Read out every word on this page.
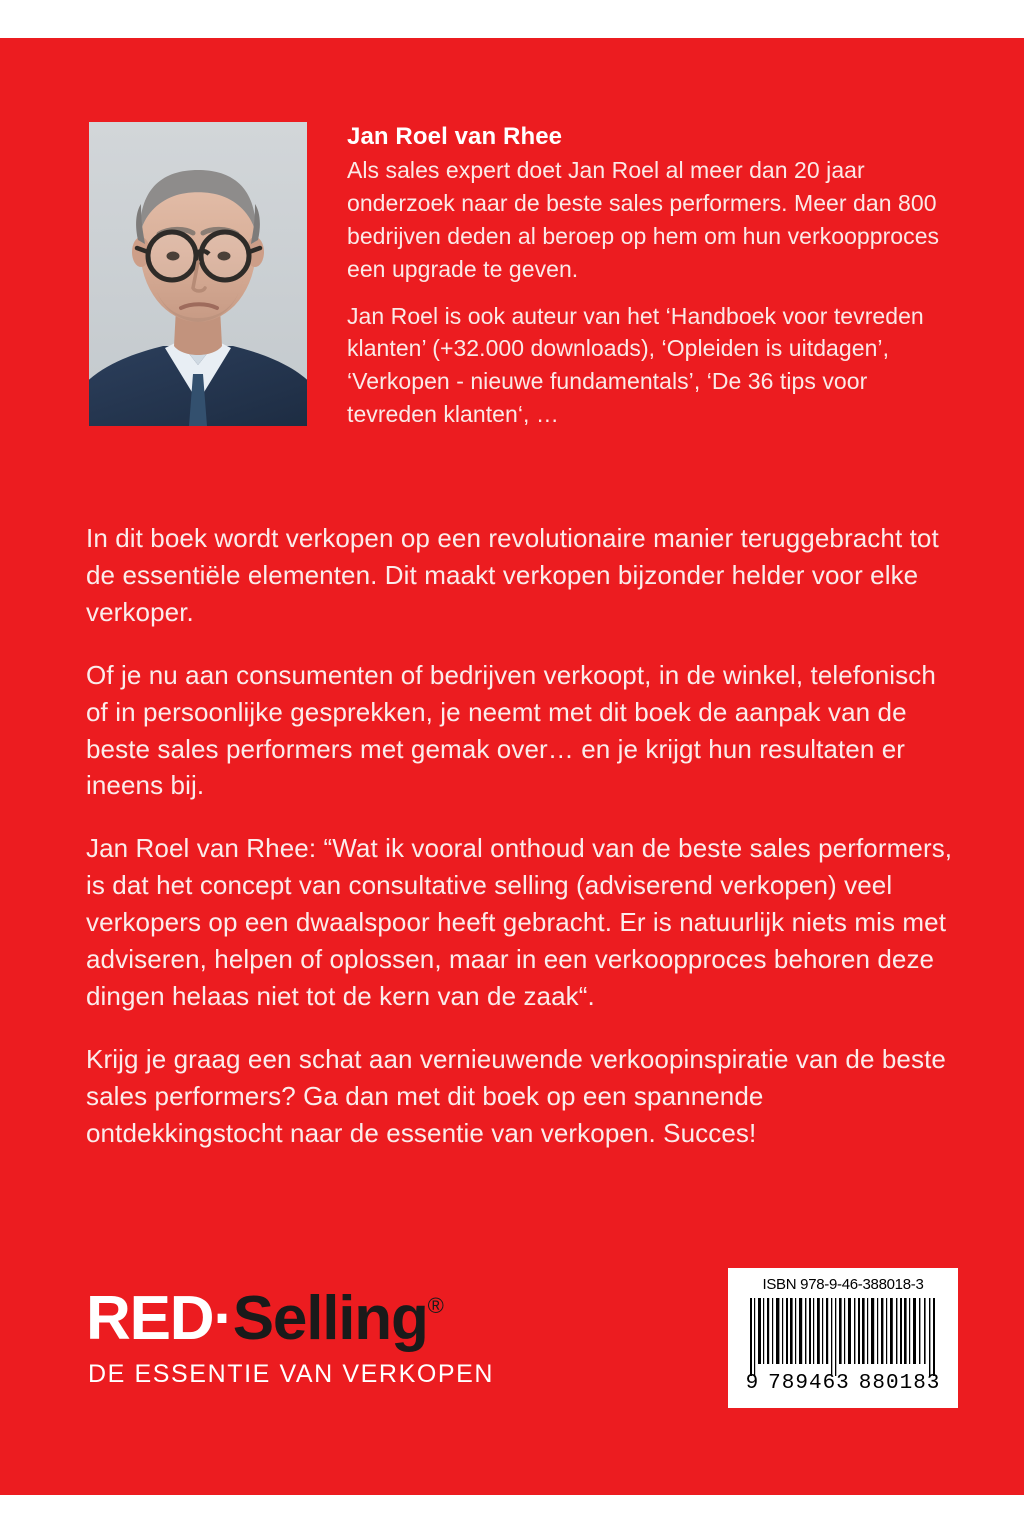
Jan Roel van Rhee

Als sales expert doet Jan Roel al meer dan 20 jaar onderzoek naar de beste sales performers. Meer dan 800 bedrijven deden al beroep op hem om hun verkoopproces een upgrade te geven.

Jan Roel is ook auteur van het ‘Handboek voor tevreden klanten’ (+32.000 downloads), ‘Opleiden is uitdagen’, ‘Verkopen - nieuwe fundamentals’, ‘De 36 tips voor tevreden klanten‘, …

In dit boek wordt verkopen op een revolutionaire manier teruggebracht tot de essentiële elementen. Dit maakt verkopen bijzonder helder voor elke verkoper.

Of je nu aan consumenten of bedrijven verkoopt, in de winkel, telefonisch of in persoonlijke gesprekken, je neemt met dit boek de aanpak van de beste sales performers met gemak over… en je krijgt hun resultaten er ineens bij.

Jan Roel van Rhee: “Wat ik vooral onthoud van de beste sales performers, is dat het concept van consultative selling (adviserend verkopen) veel verkopers op een dwaalspoor heeft gebracht. Er is natuurlijk niets mis met adviseren, helpen of oplossen, maar in een verkoopproces behoren deze dingen helaas niet tot de kern van de zaak“.

Krijg je graag een schat aan vernieuwende verkoopinspiratie van de beste sales performers? Ga dan met dit boek op een spannende ontdekkingstocht naar de essentie van verkopen. Succes!

RED·Selling®
DE ESSENTIE VAN VERKOPEN
ISBN 978-9-46-388018-3
9 789463 880183
